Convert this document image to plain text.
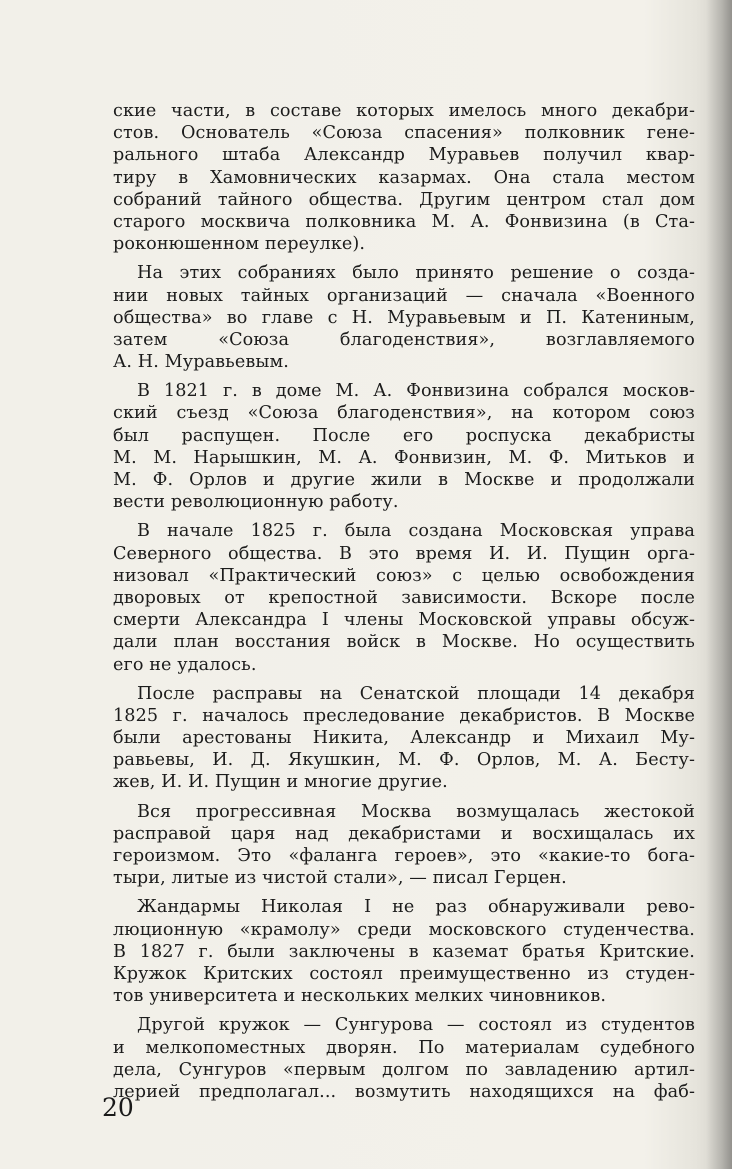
ские части, в составе которых имелось много декабри-
стов. Основатель «Союза спасения» полковник гене-
рального штаба Александр Муравьев получил квар-
тиру в Хамовнических казармах. Она стала местом
собраний тайного общества. Другим центром стал дом
старого москвича полковника М. А. Фонвизина (в Ста-
роконюшенном переулке).
На этих собраниях было принято решение о созда-
нии новых тайных организаций — сначала «Военного
общества» во главе с Н. Муравьевым и П. Катениным,
затем «Союза благоденствия», возглавляемого
А. Н. Муравьевым.
В 1821 г. в доме М. А. Фонвизина собрался москов-
ский съезд «Союза благоденствия», на котором союз
был распущен. После его роспуска декабристы
М. М. Нарышкин, М. А. Фонвизин, М. Ф. Митьков и
М. Ф. Орлов и другие жили в Москве и продолжали
вести революционную работу.
В начале 1825 г. была создана Московская управа
Северного общества. В это время И. И. Пущин орга-
низовал «Практический союз» с целью освобождения
дворовых от крепостной зависимости. Вскоре после
смерти Александра I члены Московской управы обсуж-
дали план восстания войск в Москве. Но осуществить
его не удалось.
После расправы на Сенатской площади 14 декабря
1825 г. началось преследование декабристов. В Москве
были арестованы Никита, Александр и Михаил Му-
равьевы, И. Д. Якушкин, М. Ф. Орлов, М. А. Бесту-
жев, И. И. Пущин и многие другие.
Вся прогрессивная Москва возмущалась жестокой
расправой царя над декабристами и восхищалась их
героизмом. Это «фаланга героев», это «какие-то бога-
тыри, литые из чистой стали», — писал Герцен.
Жандармы Николая I не раз обнаруживали рево-
люционную «крамолу» среди московского студенчества.
В 1827 г. были заключены в каземат братья Критские.
Кружок Критских состоял преимущественно из студен-
тов университета и нескольких мелких чиновников.
Другой кружок — Сунгурова — состоял из студентов
и мелкопоместных дворян. По материалам судебного
дела, Сунгуров «первым долгом по завладению артил-
лерией предполагал... возмутить находящихся на фаб-
20
